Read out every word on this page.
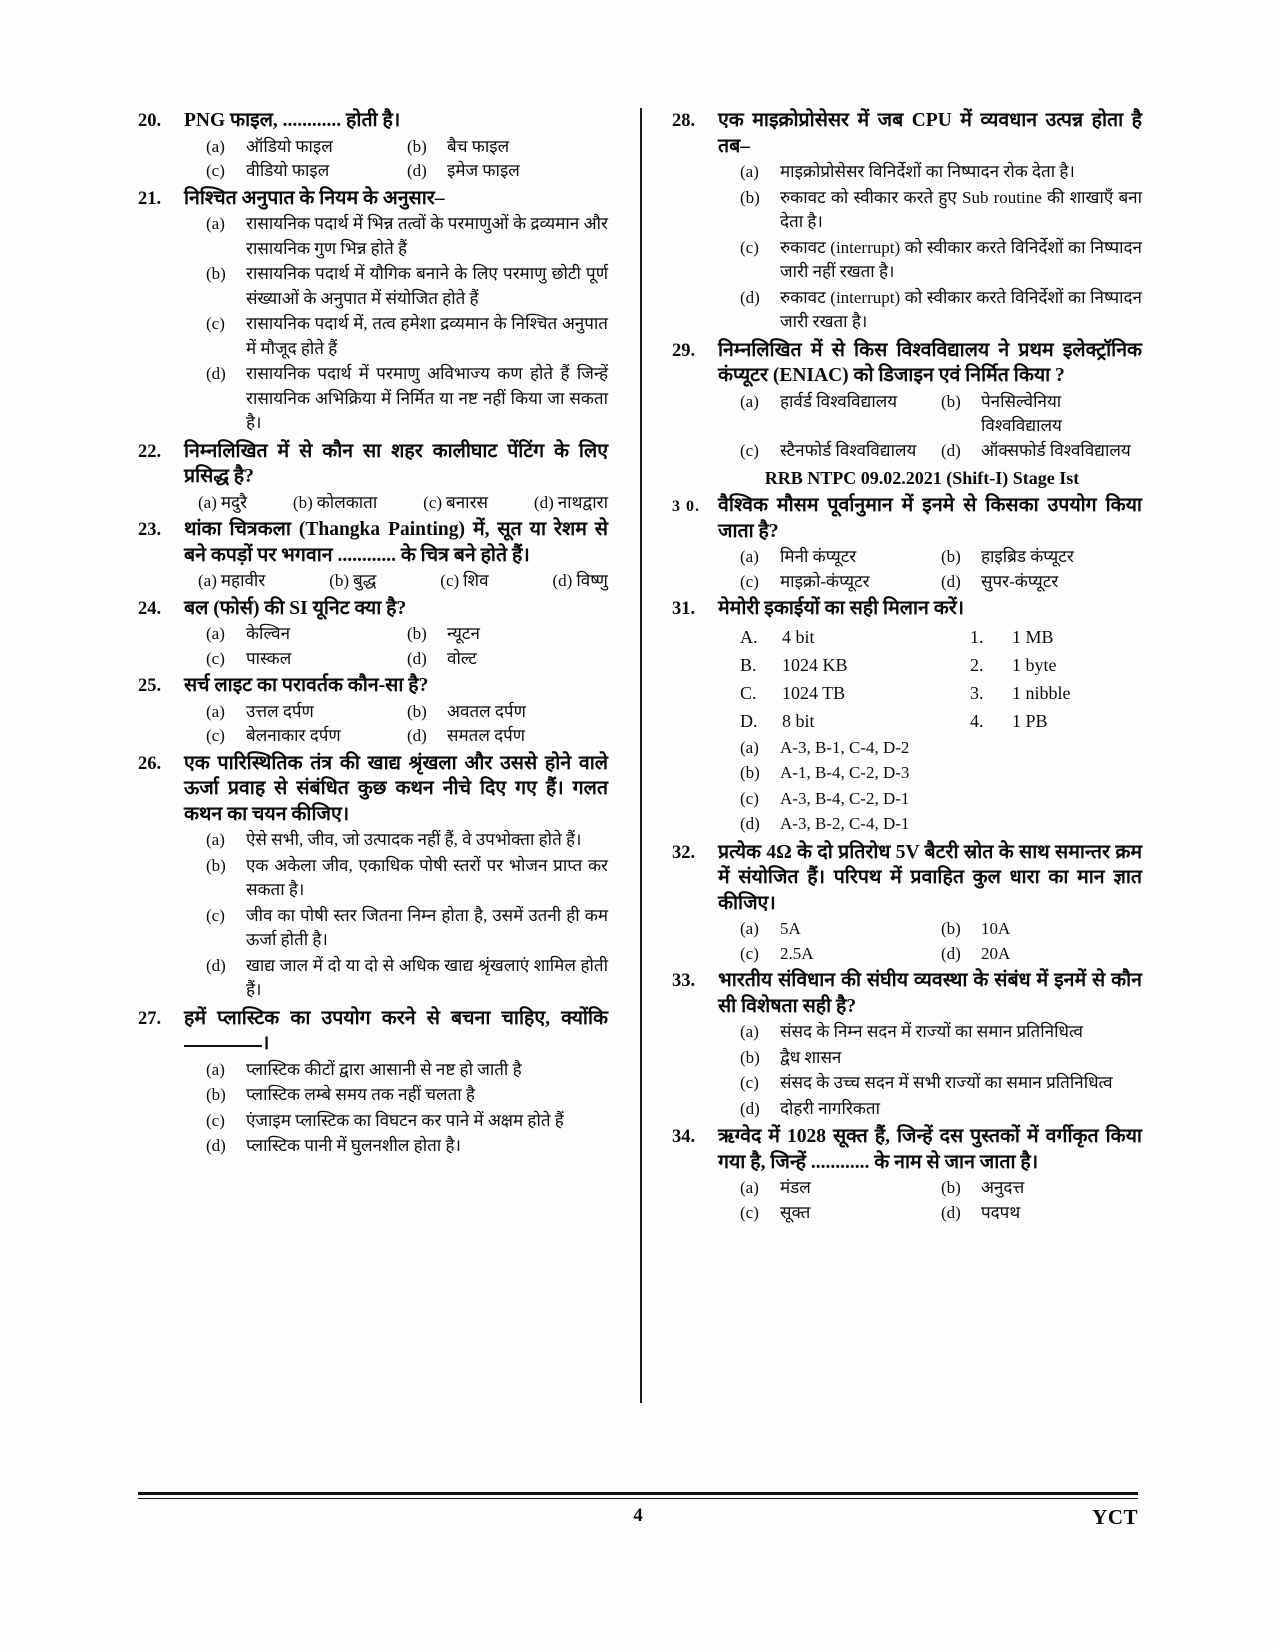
20.	PNG फाइल, ............ होती है।
(a)	ऑडियो फाइल	(b)	बैच फाइल
(c)	वीडियो फाइल	(d)	इमेज फाइल
21.	निश्चित अनुपात के नियम के अनुसार–
(a)	रासायनिक पदार्थ में भिन्न तत्वों के परमाणुओं के द्रव्यमान और रासायनिक गुण भिन्न होते हैं
(b)	रासायनिक पदार्थ में यौगिक बनाने के लिए परमाणु छोटी पूर्ण संख्याओं के अनुपात में संयोजित होते हैं
(c)	रासायनिक पदार्थ में, तत्व हमेशा द्रव्यमान के निश्चित अनुपात में मौजूद होते हैं
(d)	रासायनिक पदार्थ में परमाणु अविभाज्य कण होते हैं जिन्हें रासायनिक अभिक्रिया में निर्मित या नष्ट नहीं किया जा सकता है।
22.	निम्नलिखित में से कौन सा शहर कालीघाट पेंटिंग के लिए प्रसिद्ध है?
(a) मदुरै	(b) कोलकाता	(c) बनारस	(d) नाथद्वारा
23.	थांका चित्रकला (Thangka Painting) में, सूत या रेशम से बने कपड़ों पर भगवान ............ के चित्र बने होते हैं।
(a) महावीर	(b) बुद्ध	(c) शिव	(d) विष्णु
24.	बल (फोर्स) की SI यूनिट क्या है?
(a)	केल्विन	(b)	न्यूटन
(c)	पास्कल	(d)	वोल्ट
25.	सर्च लाइट का परावर्तक कौन-सा है?
(a)	उत्तल दर्पण	(b)	अवतल दर्पण
(c)	बेलनाकार दर्पण	(d)	समतल दर्पण
26.	एक पारिस्थितिक तंत्र की खाद्य श्रृंखला और उससे होने वाले ऊर्जा प्रवाह से संबंधित कुछ कथन नीचे दिए गए हैं। गलत कथन का चयन कीजिए।
(a)	ऐसे सभी, जीव, जो उत्पादक नहीं हैं, वे उपभोक्ता होते हैं।
(b)	एक अकेला जीव, एकाधिक पोषी स्तरों पर भोजन प्राप्त कर सकता है।
(c)	जीव का पोषी स्तर जितना निम्न होता है, उसमें उतनी ही कम ऊर्जा होती है।
(d)	खाद्य जाल में दो या दो से अधिक खाद्य श्रृंखलाएं शामिल होती हैं।
27.	हमें प्लास्टिक का उपयोग करने से बचना चाहिए, क्योंकि ।
(a)	प्लास्टिक कीटों द्वारा आसानी से नष्ट हो जाती है
(b)	प्लास्टिक लम्बे समय तक नहीं चलता है
(c)	एंजाइम प्लास्टिक का विघटन कर पाने में अक्षम होते हैं
(d)	प्लास्टिक पानी में घुलनशील होता है।
28.	एक माइक्रोप्रोसेसर में जब CPU में व्यवधान उत्पन्न होता है तब–
(a)	माइक्रोप्रोसेसर विनिर्देशों का निष्पादन रोक देता है।
(b)	रुकावट को स्वीकार करते हुए Sub routine की शाखाएँ बना देता है।
(c)	रुकावट (interrupt) को स्वीकार करते विनिर्देशों का निष्पादन जारी नहीं रखता है।
(d)	रुकावट (interrupt) को स्वीकार करते विनिर्देशों का निष्पादन जारी रखता है।
29.	निम्नलिखित में से किस विश्वविद्यालय ने प्रथम इलेक्ट्रॉनिक कंप्यूटर (ENIAC) को डिजाइन एवं निर्मित किया ?
(a)	हार्वर्ड विश्वविद्यालय	(b)	पेनसिल्वेनिया विश्वविद्यालय
(c)	स्टैनफोर्ड विश्वविद्यालय	(d)	ऑक्सफोर्ड विश्वविद्यालय
RRB NTPC 09.02.2021 (Shift-I) Stage Ist
3 0. वैश्विक मौसम पूर्वानुमान में इनमे से किसका उपयोग किया जाता है?
(a)	मिनी कंप्यूटर	(b)	हाइब्रिड कंप्यूटर
(c)	माइक्रो-कंप्यूटर	(d)	सुपर-कंप्यूटर
31.	मेमोरी इकाईयों का सही मिलान करें।
A.	4 bit	1.	1 MB
B.	1024 KB	2.	1 byte
C.	1024 TB	3.	1 nibble
D.	8 bit	4.	1 PB
(a)	A-3, B-1, C-4, D-2
(b)	A-1, B-4, C-2, D-3
(c)	A-3, B-4, C-2, D-1
(d)	A-3, B-2, C-4, D-1
32.	प्रत्येक 4Ω के दो प्रतिरोध 5V बैटरी स्रोत के साथ समान्तर क्रम में संयोजित हैं। परिपथ में प्रवाहित कुल धारा का मान ज्ञात कीजिए।
(a)	5A	(b)	10A
(c)	2.5A	(d)	20A
33.	भारतीय संविधान की संघीय व्यवस्था के संबंध में इनमें से कौन सी विशेषता सही है?
(a)	संसद के निम्न सदन में राज्यों का समान प्रतिनिधित्व
(b)	द्वैध शासन
(c)	संसद के उच्च सदन में सभी राज्यों का समान प्रतिनिधित्व
(d)	दोहरी नागरिकता
34.	ऋग्वेद में 1028 सूक्त हैं, जिन्हें दस पुस्तकों में वर्गीकृत किया गया है, जिन्हें ............ के नाम से जान जाता है।
(a)	मंडल	(b)	अनुदत्त
(c)	सूक्त	(d)	पदपथ
4	YCT
